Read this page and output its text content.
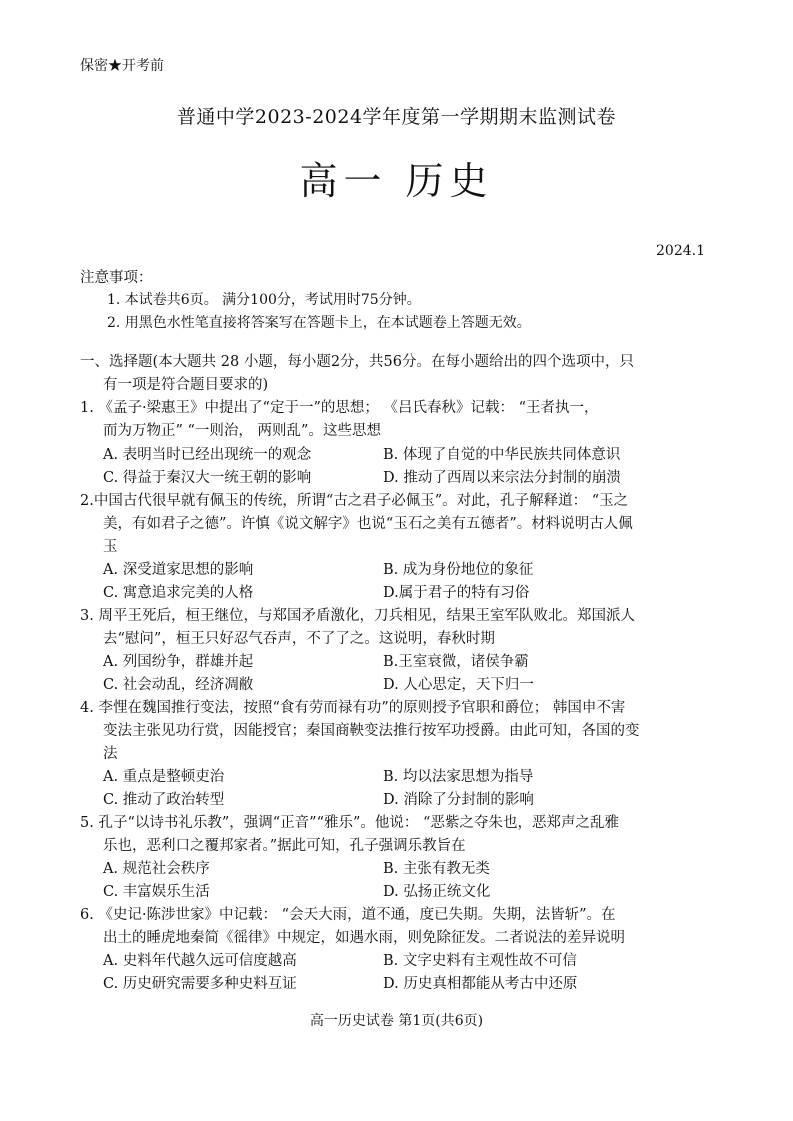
保密★开考前
普通中学2023-2024学年度第一学期期末监测试卷
高一 历史
2024.1
注意事项：
1. 本试卷共6页。 满分100分，考试用时75分钟。
2. 用黑色水性笔直接将答案写在答题卡上，在本试题卷上答题无效。
一、选择题(本大题共 28 小题，每小题2分，共56分。在每小题给出的四个选项中，只
有一项是符合题目要求的)
1. 《孟子·梁惠王》中提出了“定于一”的思想； 《吕氏春秋》记载： “王者执一，
而为万物正” “一则治， 两则乱”。这些思想
A. 表明当时已经出现统一的观念	B. 体现了自觉的中华民族共同体意识
C. 得益于秦汉大一统王朝的影响	D. 推动了西周以来宗法分封制的崩溃
2.中国古代很早就有佩玉的传统，所谓“古之君子必佩玉”。对此，孔子解释道： “玉之
美，有如君子之德”。许慎《说文解字》也说“玉石之美有五德者”。材料说明古人佩
玉
A. 深受道家思想的影响	B. 成为身份地位的象征
C. 寓意追求完美的人格	D.属于君子的特有习俗
3. 周平王死后，桓王继位，与郑国矛盾激化，刀兵相见，结果王室军队败北。郑国派人
去“慰问”，桓王只好忍气吞声，不了了之。这说明，春秋时期
A. 列国纷争，群雄并起	B.王室衰微，诸侯争霸
C. 社会动乱，经济凋敝	D. 人心思定，天下归一
4. 李悝在魏国推行变法，按照“食有劳而禄有功”的原则授予官职和爵位； 韩国申不害
变法主张见功行赏，因能授官；秦国商鞅变法推行按军功授爵。由此可知，各国的变
法
A. 重点是整顿吏治	B. 均以法家思想为指导
C. 推动了政治转型	D. 消除了分封制的影响
5. 孔子“以诗书礼乐教”，强调“正音”“雅乐”。他说： “恶紫之夺朱也，恶郑声之乱雅
乐也，恶利口之覆邦家者。”据此可知，孔子强调乐教旨在
A. 规范社会秩序	B. 主张有教无类
C. 丰富娱乐生活	D. 弘扬正统文化
6. 《史记·陈涉世家》中记载： “会天大雨，道不通，度已失期。失期，法皆斩”。在
出土的睡虎地秦简《徭律》中规定，如遇水雨，则免除征发。二者说法的差异说明
A. 史料年代越久远可信度越高	B. 文字史料有主观性故不可信
C. 历史研究需要多种史料互证	D. 历史真相都能从考古中还原
高一历史试卷 第1页(共6页)
